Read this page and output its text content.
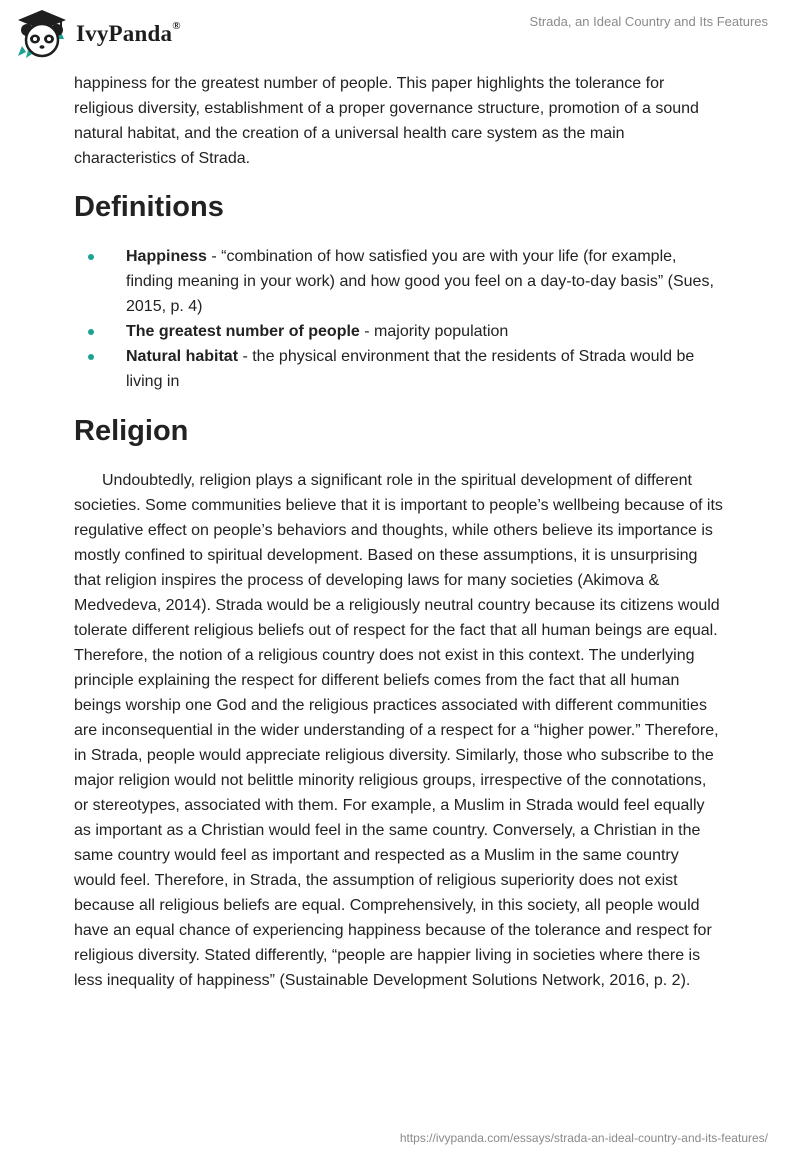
IvyPanda®	Strada, an Ideal Country and Its Features

happiness for the greatest number of people. This paper highlights the tolerance for religious diversity, establishment of a proper governance structure, promotion of a sound natural habitat, and the creation of a universal health care system as the main characteristics of Strada.

Definitions
Happiness - “combination of how satisfied you are with your life (for example, finding meaning in your work) and how good you feel on a day-to-day basis” (Sues, 2015, p. 4)
The greatest number of people - majority population
Natural habitat - the physical environment that the residents of Strada would be living in
Religion

Undoubtedly, religion plays a significant role in the spiritual development of different societies. Some communities believe that it is important to people’s wellbeing because of its regulative effect on people’s behaviors and thoughts, while others believe its importance is mostly confined to spiritual development. Based on these assumptions, it is unsurprising that religion inspires the process of developing laws for many societies (Akimova & Medvedeva, 2014). Strada would be a religiously neutral country because its citizens would tolerate different religious beliefs out of respect for the fact that all human beings are equal. Therefore, the notion of a religious country does not exist in this context. The underlying principle explaining the respect for different beliefs comes from the fact that all human beings worship one God and the religious practices associated with different communities are inconsequential in the wider understanding of a respect for a “higher power.” Therefore, in Strada, people would appreciate religious diversity. Similarly, those who subscribe to the major religion would not belittle minority religious groups, irrespective of the connotations, or stereotypes, associated with them. For example, a Muslim in Strada would feel equally as important as a Christian would feel in the same country. Conversely, a Christian in the same country would feel as important and respected as a Muslim in the same country would feel. Therefore, in Strada, the assumption of religious superiority does not exist because all religious beliefs are equal. Comprehensively, in this society, all people would have an equal chance of experiencing happiness because of the tolerance and respect for religious diversity. Stated differently, “people are happier living in societies where there is less inequality of happiness” (Sustainable Development Solutions Network, 2016, p. 2).

https://ivypanda.com/essays/strada-an-ideal-country-and-its-features/
